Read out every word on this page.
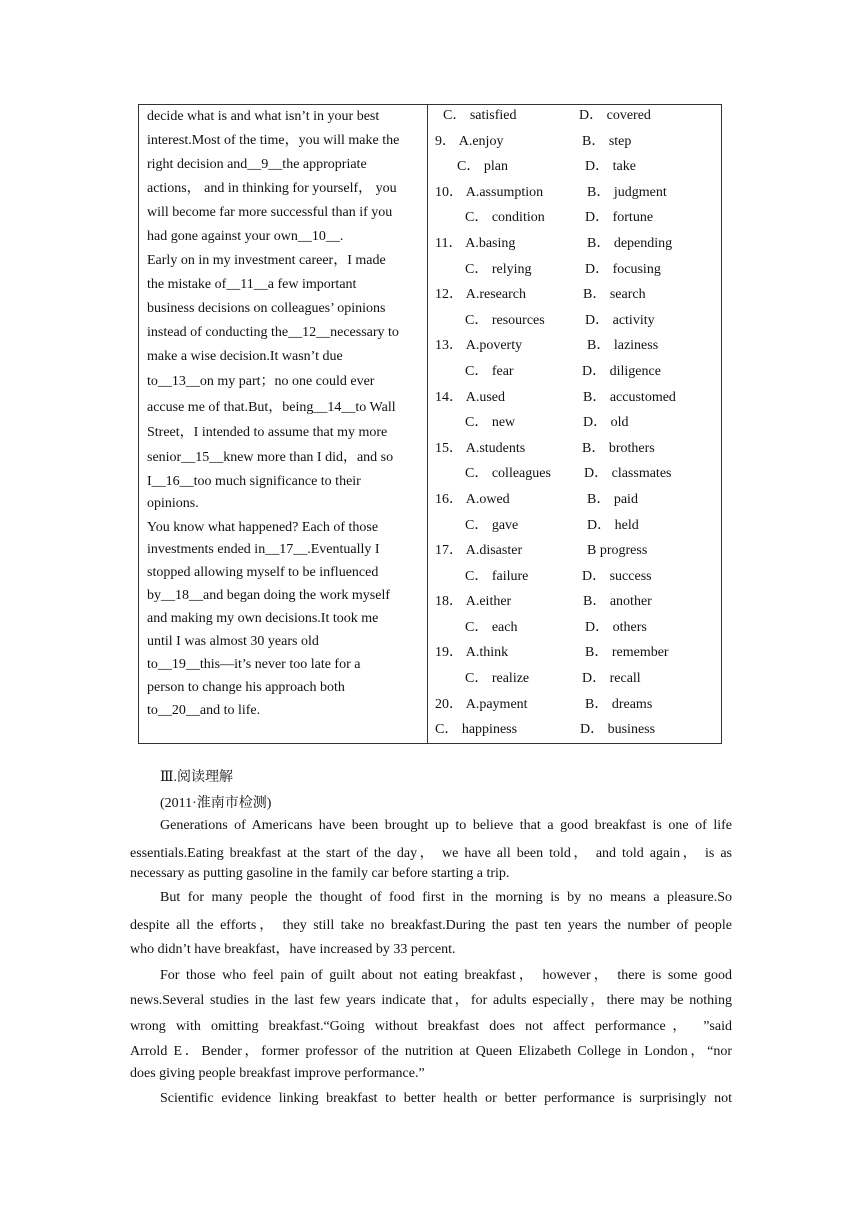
decide what is and what isn’t in your best
interest.Most of the time，you will make the
right decision and__9__the appropriate
actions， and in thinking for yourself， you
will become far more successful than if you
had gone against your own__10__.
Early on in my investment career，I made
the mistake of__11__a few important
business decisions on colleagues’ opinions
instead of conducting the__12__necessary to
make a wise decision.It wasn’t due
to__13__on my part；no one could ever
accuse me of that.But，being__14__to Wall
Street，I intended to assume that my more
senior__15__knew more than I did，and so
I__16__too much significance to their
opinions.
You know what happened? Each of those
investments ended in__17__.Eventually I
stopped allowing myself to be influenced
by__18__and began doing the work myself
and making my own decisions.It took me
until I was almost 30 years old
to__19__this—it’s never too late for a
person to change his approach both
to__20__and to life.
C． satisfied	D． covered
9． A.enjoy	B． step
C． plan	D． take
10． A.assumption	B． judgment
C． condition	D． fortune
11． A.basing	B． depending
C． relying	D． focusing
12． A.research	B． search
C． resources	D． activity
13． A.poverty	B． laziness
C． fear	D． diligence
14． A.used	B． accustomed
C． new	D． old
15． A.students	B． brothers
C． colleagues D． classmates
16． A.owed	B． paid
C． gave	D． held
17． A.disaster	B progress
C． failure	D． success
18． A.either	B． another
C． each	D． others
19． A.think	B． remember
C． realize	D． recall
20． A.payment	B． dreams
C． happiness	D． business
Ⅲ.阅读理解
(2011·淮南市检测)
Generations of Americans have been brought up to believe that a good breakfast is one of life
essentials.Eating breakfast at the start of the day， we have all been told， and told again， is as
necessary as putting gasoline in the family car before starting a trip.
But for many people the thought of food first in the morning is by no means a pleasure.So
despite all the efforts， they still take no breakfast.During the past ten years the number of people
who didn’t have breakfast，have increased by 33 percent.
For those who feel pain of guilt about not eating breakfast， however， there is some good
news.Several studies in the last few years indicate that，for adults especially，there may be nothing
wrong with omitting breakfast.“Going without breakfast does not affect performance， ”said
Arrold E．Bender，former professor of the nutrition at Queen Elizabeth College in London，“nor
does giving people breakfast improve performance.”
Scientific evidence linking breakfast to better health or better performance is surprisingly not
